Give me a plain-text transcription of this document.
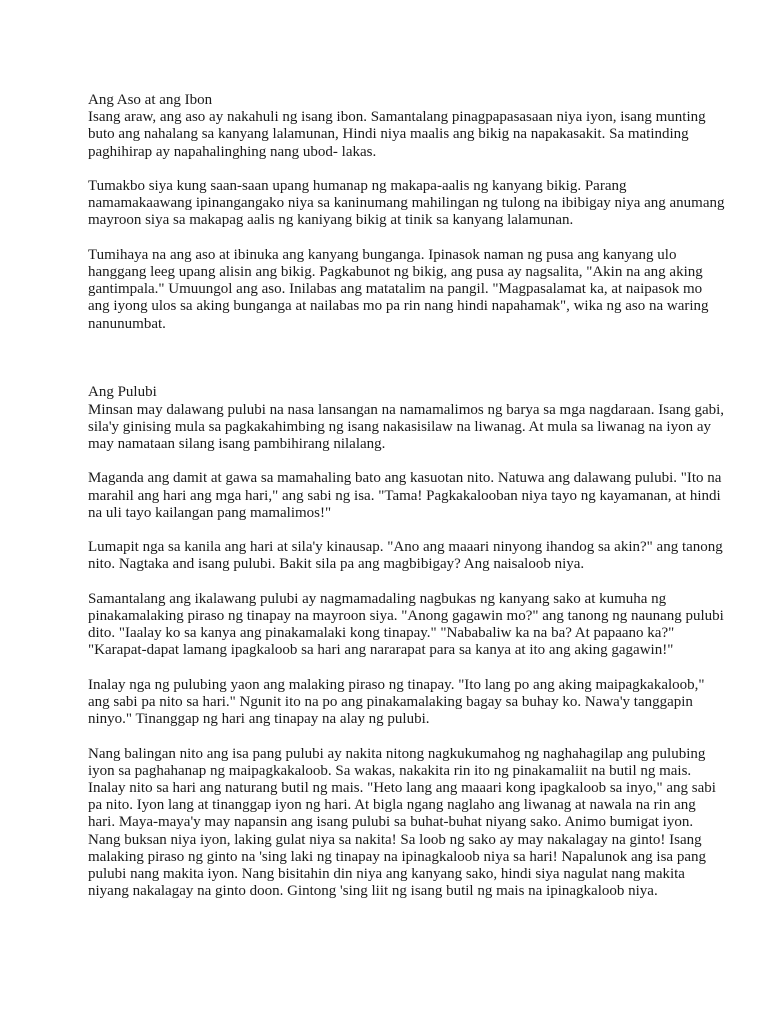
Ang Aso at ang Ibon

Isang araw, ang aso ay nakahuli ng isang ibon. Samantalang pinagpapasasaan niya iyon, isang munting
buto ang nahalang sa kanyang lalamunan, Hindi niya maalis ang bikig na napakasakit. Sa matinding
paghihirap ay napahalinghing nang ubod- lakas.

Tumakbo siya kung saan-saan upang humanap ng makapa-aalis ng kanyang bikig. Parang
namamakaawang ipinangangako niya sa kaninumang mahilingan ng tulong na ibibigay niya ang anumang
mayroon siya sa makapag aalis ng kaniyang bikig at tinik sa kanyang lalamunan.

Tumihaya na ang aso at ibinuka ang kanyang bunganga. Ipinasok naman ng pusa ang kanyang ulo
hanggang leeg upang alisin ang bikig. Pagkabunot ng bikig, ang pusa ay nagsalita, "Akin na ang aking
gantimpala." Umuungol ang aso. Inilabas ang matatalim na pangil. "Magpasalamat ka, at naipasok mo
ang iyong ulos sa aking bunganga at nailabas mo pa rin nang hindi napahamak", wika ng aso na waring
nanunumbat.

Ang Pulubi

Minsan may dalawang pulubi na nasa lansangan na namamalimos ng barya sa mga nagdaraan. Isang gabi,
sila'y ginising mula sa pagkakahimbing ng isang nakasisilaw na liwanag. At mula sa liwanag na iyon ay
may namataan silang isang pambihirang nilalang.

Maganda ang damit at gawa sa mamahaling bato ang kasuotan nito. Natuwa ang dalawang pulubi. "Ito na
marahil ang hari ang mga hari," ang sabi ng isa. "Tama! Pagkakalooban niya tayo ng kayamanan, at hindi
na uli tayo kailangan pang mamalimos!"

Lumapit nga sa kanila ang hari at sila'y kinausap. "Ano ang maaari ninyong ihandog sa akin?" ang tanong
nito. Nagtaka and isang pulubi. Bakit sila pa ang magbibigay? Ang naisaloob niya.

Samantalang ang ikalawang pulubi ay nagmamadaling nagbukas ng kanyang sako at kumuha ng
pinakamalaking piraso ng tinapay na mayroon siya. "Anong gagawin mo?" ang tanong ng naunang pulubi
dito. "Iaalay ko sa kanya ang pinakamalaki kong tinapay." "Nababaliw ka na ba? At papaano ka?"
"Karapat-dapat lamang ipagkaloob sa hari ang nararapat para sa kanya at ito ang aking gagawin!"

Inalay nga ng pulubing yaon ang malaking piraso ng tinapay. "Ito lang po ang aking maipagkakaloob,"
ang sabi pa nito sa hari." Ngunit ito na po ang pinakamalaking bagay sa buhay ko. Nawa'y tanggapin
ninyo." Tinanggap ng hari ang tinapay na alay ng pulubi.

Nang balingan nito ang isa pang pulubi ay nakita nitong nagkukumahog ng naghahagilap ang pulubing
iyon sa paghahanap ng maipagkakaloob. Sa wakas, nakakita rin ito ng pinakamaliit na butil ng mais.
Inalay nito sa hari ang naturang butil ng mais. "Heto lang ang maaari kong ipagkaloob sa inyo," ang sabi
pa nito. Iyon lang at tinanggap iyon ng hari. At bigla ngang naglaho ang liwanag at nawala na rin ang
hari. Maya-maya'y may napansin ang isang pulubi sa buhat-buhat niyang sako. Animo bumigat iyon.
Nang buksan niya iyon, laking gulat niya sa nakita! Sa loob ng sako ay may nakalagay na ginto! Isang
malaking piraso ng ginto na 'sing laki ng tinapay na ipinagkaloob niya sa hari! Napalunok ang isa pang
pulubi nang makita iyon. Nang bisitahin din niya ang kanyang sako, hindi siya nagulat nang makita
niyang nakalagay na ginto doon. Gintong 'sing liit ng isang butil ng mais na ipinagkaloob niya.
